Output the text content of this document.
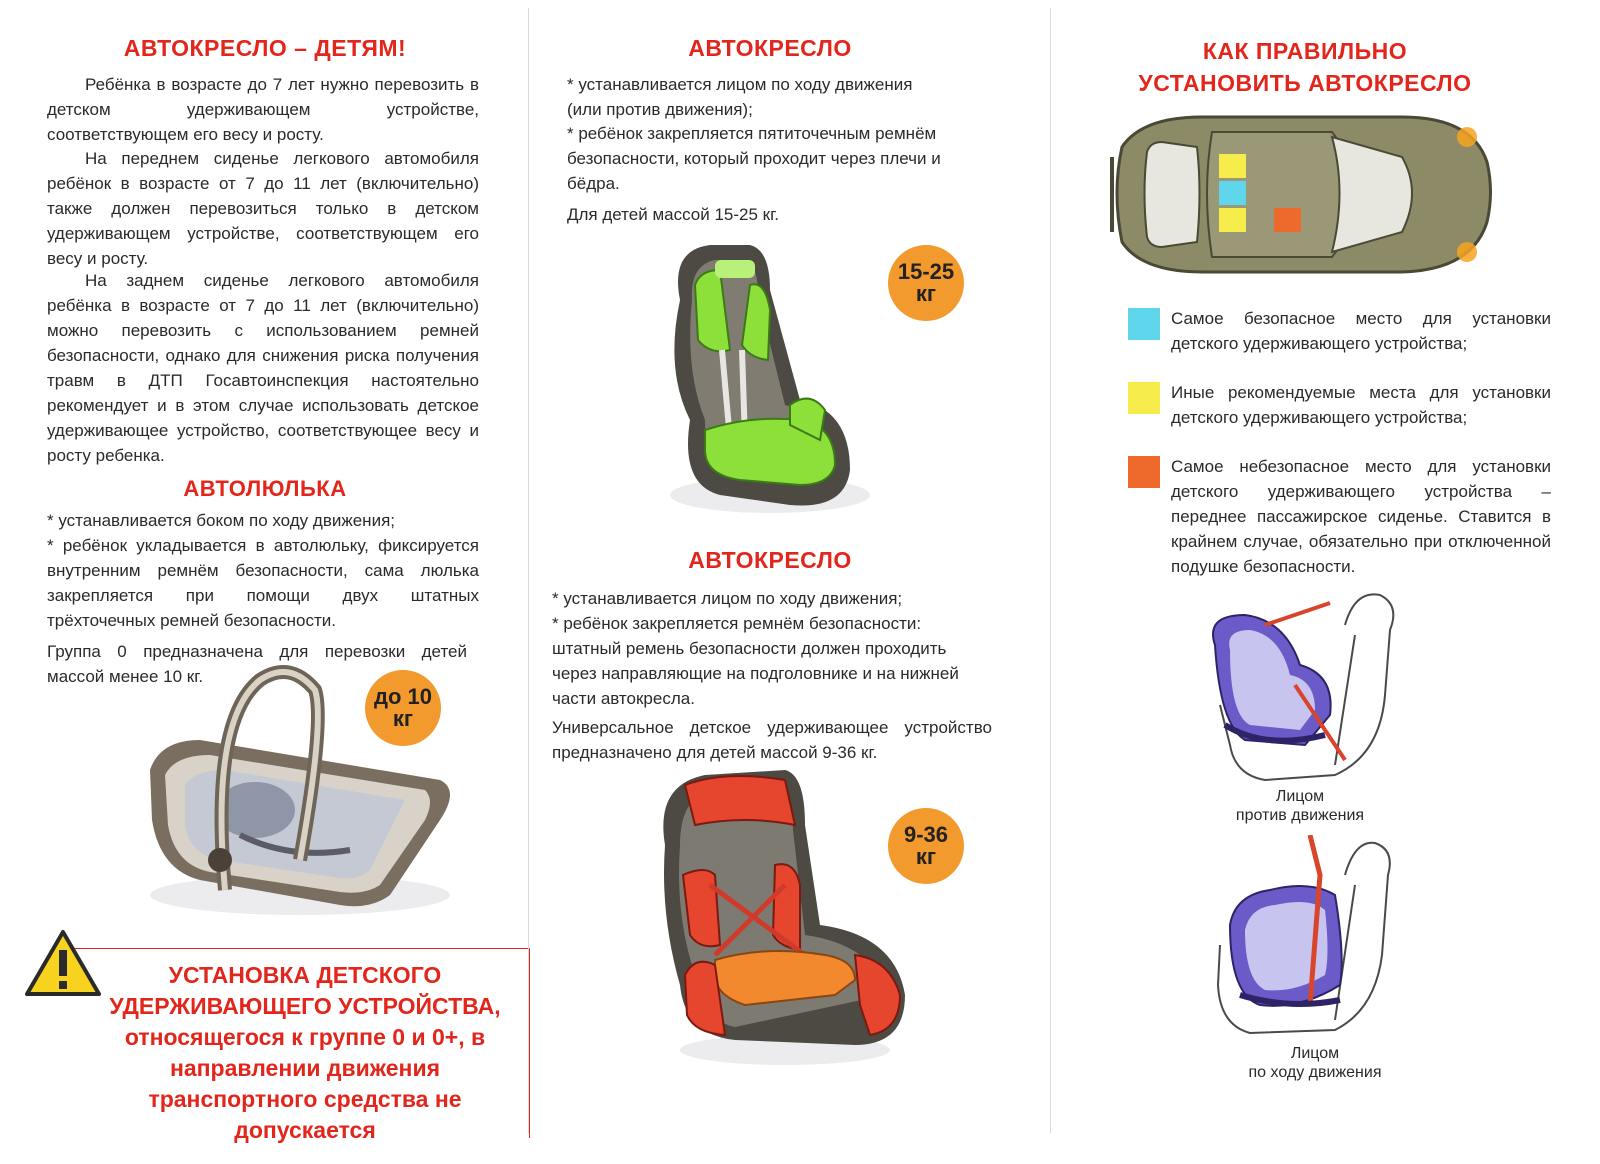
АВТОКРЕСЛО – ДЕТЯМ!

Ребёнка в возрасте до 7 лет нужно перевозить в детском удерживающем устройстве, соответствующем его весу и росту.

На переднем сиденье легкового автомобиля ребёнок в возрасте от 7 до 11 лет (включительно) также должен перевозиться только в детском удерживающем устройстве, соответствующем его весу и росту.

На заднем сиденье легкового автомобиля ребёнка в возрасте от 7 до 11 лет (включительно) можно перевозить с использованием ремней безопасности, однако для снижения риска получения травм в ДТП Госавтоинспекция настоятельно рекомендует и в этом случае использовать детское удерживающее устройство, соответствующее весу и росту ребенка.

АВТОЛЮЛЬКА

* устанавливается боком по ходу движения;

* ребёнок укладывается в автолюльку, фиксируется внутренним ремнём безопасности, сама люлька закрепляется при помощи двух штатных трёхточечных ремней безопасности.

Группа 0 предназначена для перевозки детей массой менее 10 кг.

до 10
кг
УСТАНОВКА ДЕТСКОГО УДЕРЖИВАЮЩЕГО УСТРОЙСТВА, относящегося к группе 0 и 0+, в направлении движения транспортного средства не допускается
АВТОКРЕСЛО

* устанавливается лицом по ходу движения (или против движения);

* ребёнок закрепляется пятиточечным ремнём безопасности, который проходит через плечи и бёдра.

Для детей массой 15-25 кг.

15-25
кг
АВТОКРЕСЛО

* устанавливается лицом по ходу движения;

* ребёнок закрепляется ремнём безопасности: штатный ремень безопасности должен проходить через направляющие на подголовнике и на нижней части автокресла.

Универсальное детское удерживающее устройство предназначено для детей массой 9-36 кг.

9-36
кг
КАК ПРАВИЛЬНО УСТАНОВИТЬ АВТОКРЕСЛО
Самое безопасное место для установки детского удерживающего устройства;
Иные рекомендуемые места для установки детского удерживающего устройства;
Самое небезопасное место для установки детского удерживающего устройства – переднее пассажирское сиденье. Ставится в крайнем случае, обязательно при отключенной подушке безопасности.
Лицом
против движения
Лицом
по ходу движения
